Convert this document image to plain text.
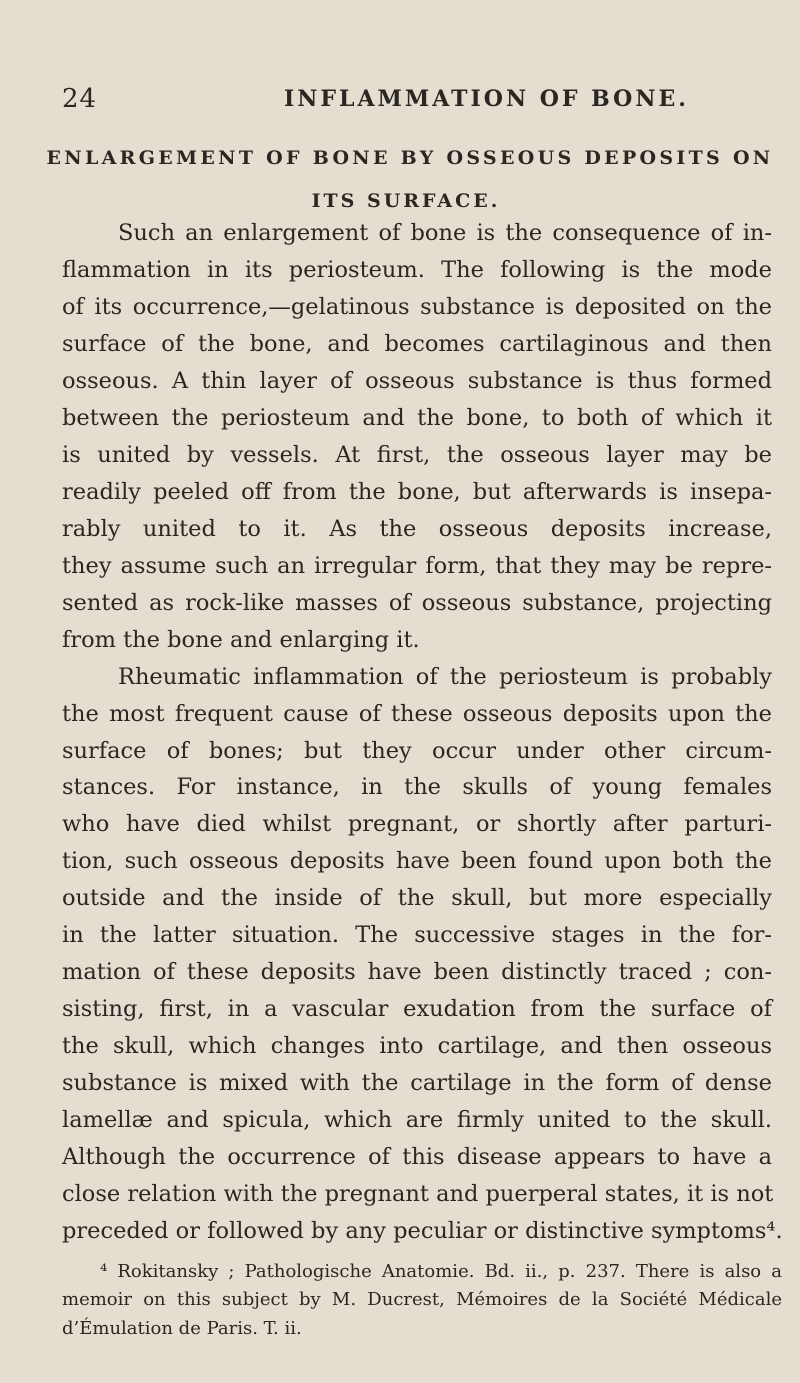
24	INFLAMMATION OF BONE.
ENLARGEMENT OF BONE BY OSSEOUS DEPOSITS ON
ITS SURFACE.
Such an enlargement of bone is the consequence of in-
flammation in its periosteum. The following is the mode
of its occurrence,—gelatinous substance is deposited on the
surface of the bone, and becomes cartilaginous and then
osseous. A thin layer of osseous substance is thus formed
between the periosteum and the bone, to both of which it
is united by vessels. At first, the osseous layer may be
readily peeled off from the bone, but afterwards is insepa-
rably united to it. As the osseous deposits increase,
they assume such an irregular form, that they may be repre-
sented as rock-like masses of osseous substance, projecting
from the bone and enlarging it.
Rheumatic inflammation of the periosteum is probably
the most frequent cause of these osseous deposits upon the
surface of bones; but they occur under other circum-
stances. For instance, in the skulls of young females
who have died whilst pregnant, or shortly after parturi-
tion, such osseous deposits have been found upon both the
outside and the inside of the skull, but more especially
in the latter situation. The successive stages in the for-
mation of these deposits have been distinctly traced ; con-
sisting, first, in a vascular exudation from the surface of
the skull, which changes into cartilage, and then osseous
substance is mixed with the cartilage in the form of dense
lamellæ and spicula, which are firmly united to the skull.
Although the occurrence of this disease appears to have a
close relation with the pregnant and puerperal states, it is not
preceded or followed by any peculiar or distinctive symptoms⁴.
⁴ Rokitansky ; Pathologische Anatomie. Bd. ii., p. 237. There is also a
memoir on this subject by M. Ducrest, Mémoires de la Société Médicale
d’Émulation de Paris. T. ii.
